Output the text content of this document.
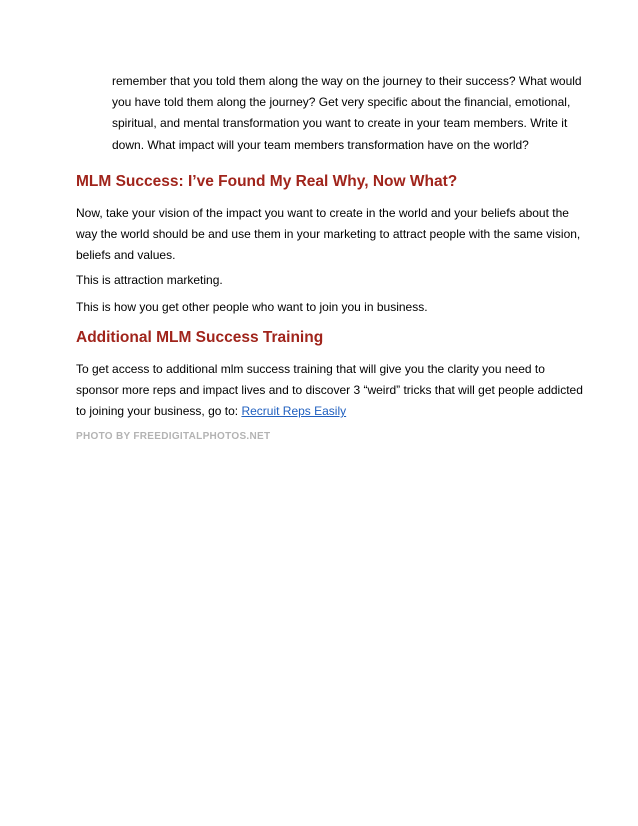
remember that you told them along the way on the journey to their success? What would
you have told them along the journey? Get very specific about the financial, emotional,
spiritual, and mental transformation you want to create in your team members. Write it
down. What impact will your team members transformation have on the world?
MLM Success: I’ve Found My Real Why, Now What?
Now, take your vision of the impact you want to create in the world and your beliefs about the
way the world should be and use them in your marketing to attract people with the same vision,
beliefs and values.
This is attraction marketing.
This is how you get other people who want to join you in business.
Additional MLM Success Training
To get access to additional mlm success training that will give you the clarity you need to
sponsor more reps and impact lives and to discover 3 “weird” tricks that will get people addicted
to joining your business, go to: Recruit Reps Easily
PHOTO BY FREEDIGITALPHOTOS.NET
